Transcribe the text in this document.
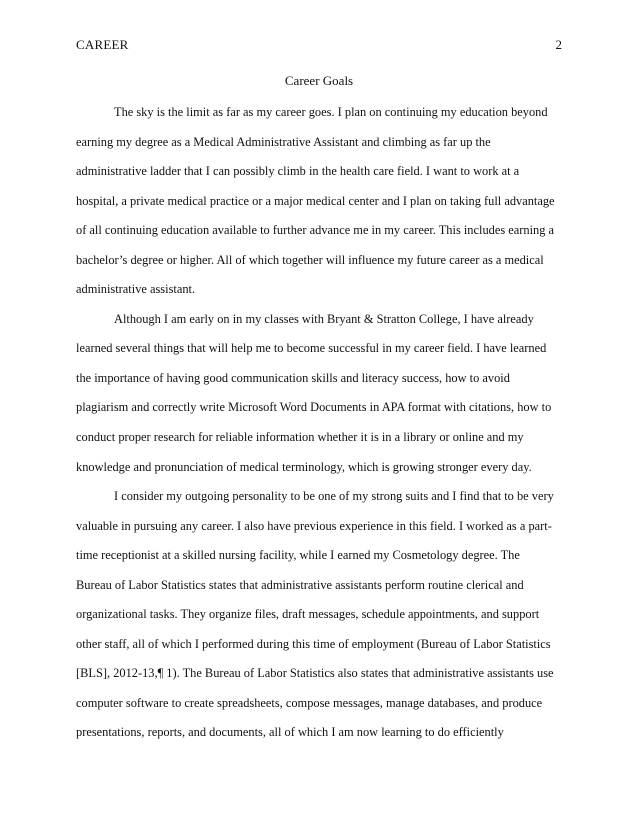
CAREER	2
Career Goals
The sky is the limit as far as my career goes. I plan on continuing my education beyond
earning my degree as a Medical Administrative Assistant and climbing as far up the
administrative ladder that I can possibly climb in the health care field. I want to work at a
hospital, a private medical practice or a major medical center and I plan on taking full advantage
of all continuing education available to further advance me in my career. This includes earning a
bachelor’s degree or higher. All of which together will influence my future career as a medical
administrative assistant.
Although I am early on in my classes with Bryant & Stratton College, I have already
learned several things that will help me to become successful in my career field. I have learned
the importance of having good communication skills and literacy success, how to avoid
plagiarism and correctly write Microsoft Word Documents in APA format with citations, how to
conduct proper research for reliable information whether it is in a library or online and my
knowledge and pronunciation of medical terminology, which is growing stronger every day.
I consider my outgoing personality to be one of my strong suits and I find that to be very
valuable in pursuing any career. I also have previous experience in this field. I worked as a part-
time receptionist at a skilled nursing facility, while I earned my Cosmetology degree. The
Bureau of Labor Statistics states that administrative assistants perform routine clerical and
organizational tasks. They organize files, draft messages, schedule appointments, and support
other staff, all of which I performed during this time of employment (Bureau of Labor Statistics
[BLS], 2012-13,¶ 1). The Bureau of Labor Statistics also states that administrative assistants use
computer software to create spreadsheets, compose messages, manage databases, and produce
presentations, reports, and documents, all of which I am now learning to do efficiently
